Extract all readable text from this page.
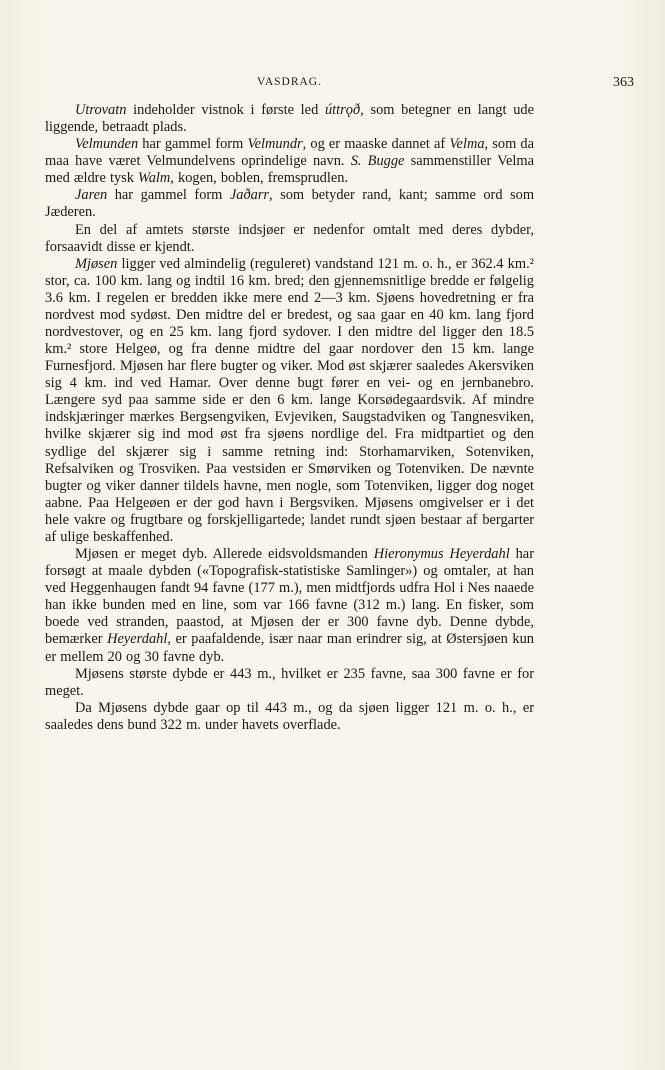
VASDRAG.	363

Utrovatn indeholder vistnok i første led úttrǫð, som betegner en langt ude liggende, betraadt plads.

Velmunden har gammel form Velmundr, og er maaske dannet af Velma, som da maa have været Velmundelvens oprindelige navn. S. Bugge sammenstiller Velma med ældre tysk Walm, kogen, boblen, fremsprudlen.

Jaren har gammel form Jaðarr, som betyder rand, kant; samme ord som Jæderen.

En del af amtets største indsjøer er nedenfor omtalt med deres dybder, forsaavidt disse er kjendt.

Mjøsen ligger ved almindelig (reguleret) vandstand 121 m. o. h., er 362.4 km.² stor, ca. 100 km. lang og indtil 16 km. bred; den gjennemsnitlige bredde er følgelig 3.6 km. I regelen er bredden ikke mere end 2—3 km. Sjøens hovedretning er fra nordvest mod sydøst. Den midtre del er bredest, og saa gaar en 40 km. lang fjord nordvestover, og en 25 km. lang fjord sydover. I den midtre del ligger den 18.5 km.² store Helgeø, og fra denne midtre del gaar nordover den 15 km. lange Furnesfjord. Mjøsen har flere bugter og viker. Mod øst skjærer saaledes Akersviken sig 4 km. ind ved Hamar. Over denne bugt fører en vei- og en jernbanebro. Længere syd paa samme side er den 6 km. lange Korsødegaardsvik. Af mindre indskjæringer mærkes Bergsengviken, Evjeviken, Saugstadviken og Tangnesviken, hvilke skjærer sig ind mod øst fra sjøens nordlige del. Fra midtpartiet og den sydlige del skjærer sig i samme retning ind: Storhamarviken, Sotenviken, Refsalviken og Trosviken. Paa vestsiden er Smørviken og Totenviken. De nævnte bugter og viker danner tildels havne, men nogle, som Totenviken, ligger dog noget aabne. Paa Helgeøen er der god havn i Bergsviken. Mjøsens omgivelser er i det hele vakre og frugtbare og forskjelligartede; landet rundt sjøen bestaar af bergarter af ulige beskaffenhed.

Mjøsen er meget dyb. Allerede eidsvoldsmanden Hieronymus Heyerdahl har forsøgt at maale dybden («Topografisk-statistiske Samlinger») og omtaler, at han ved Heggenhaugen fandt 94 favne (177 m.), men midtfjords udfra Hol i Nes naaede han ikke bunden med en line, som var 166 favne (312 m.) lang. En fisker, som boede ved stranden, paastod, at Mjøsen der er 300 favne dyb. Denne dybde, bemærker Heyerdahl, er paafaldende, især naar man erindrer sig, at Østersjøen kun er mellem 20 og 30 favne dyb.

Mjøsens største dybde er 443 m., hvilket er 235 favne, saa 300 favne er for meget.

Da Mjøsens dybde gaar op til 443 m., og da sjøen ligger 121 m. o. h., er saaledes dens bund 322 m. under havets overflade.
